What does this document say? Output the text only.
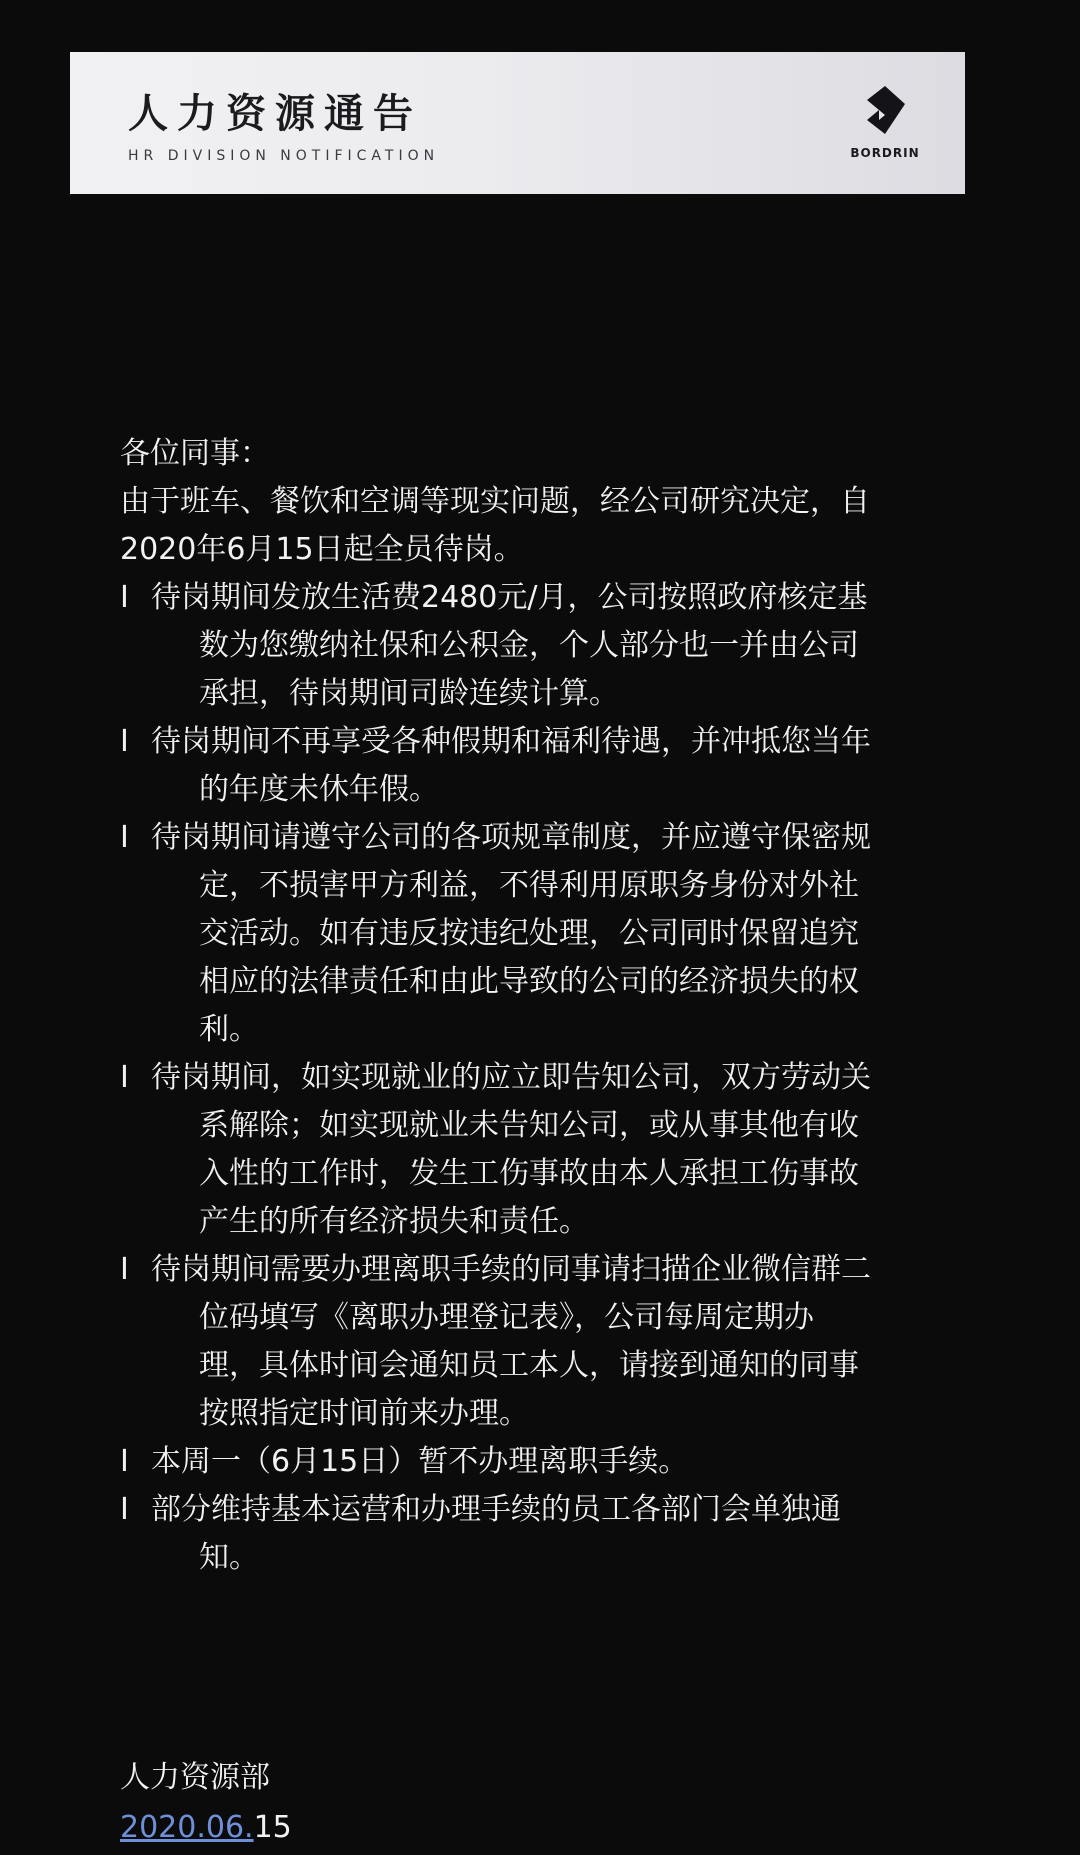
人力资源通告
HR DIVISION NOTIFICATION	BORDRIN
各位同事：
由于班车、餐饮和空调等现实问题，经公司研究决定，自
2020年6月15日起全员待岗。
I 待岗期间发放生活费2480元/月，公司按照政府核定基
数为您缴纳社保和公积金，个人部分也一并由公司
承担，待岗期间司龄连续计算。
I 待岗期间不再享受各种假期和福利待遇，并冲抵您当年
的年度未休年假。
I 待岗期间请遵守公司的各项规章制度，并应遵守保密规
定，不损害甲方利益，不得利用原职务身份对外社
交活动。如有违反按违纪处理，公司同时保留追究
相应的法律责任和由此导致的公司的经济损失的权
利。
I 待岗期间，如实现就业的应立即告知公司，双方劳动关
系解除；如实现就业未告知公司，或从事其他有收
入性的工作时，发生工伤事故由本人承担工伤事故
产生的所有经济损失和责任。
I 待岗期间需要办理离职手续的同事请扫描企业微信群二
位码填写《离职办理登记表》，公司每周定期办
理，具体时间会通知员工本人，请接到通知的同事
按照指定时间前来办理。
I 本周一（6月15日）暂不办理离职手续。
I 部分维持基本运营和办理手续的员工各部门会单独通
知。
人力资源部
2020.06.15
